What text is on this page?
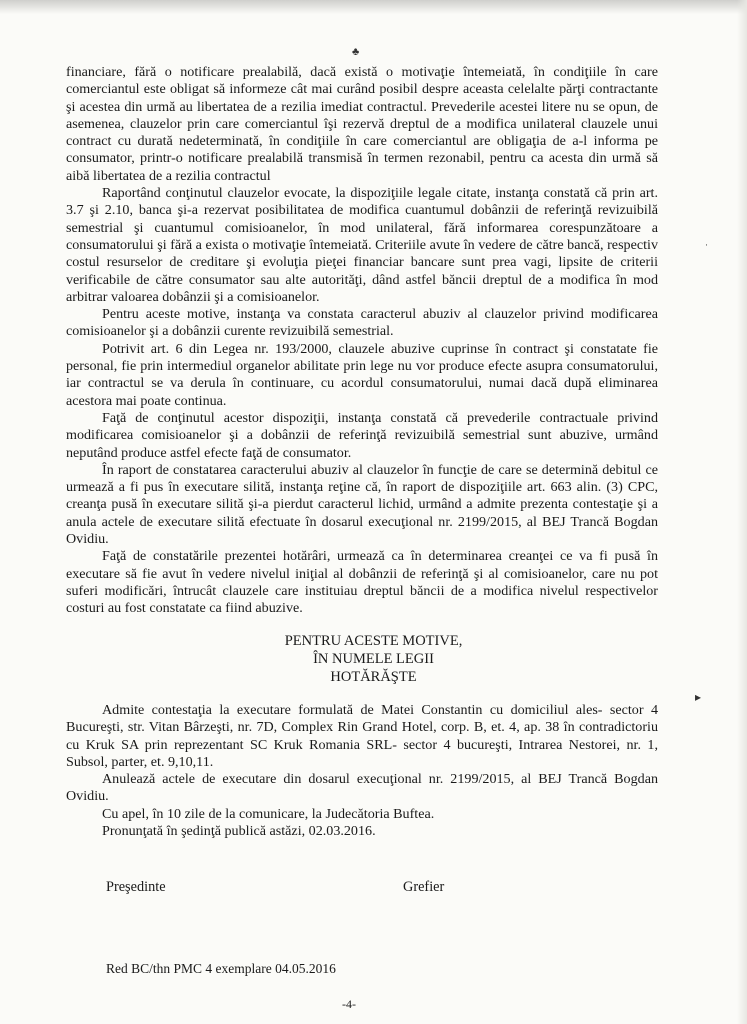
♣
▸
·

financiare, fără o notificare prealabilă, dacă există o motivaţie întemeiată, în condiţiile în care comerciantul este obligat să informeze cât mai curând posibil despre aceasta celelalte părţi contractante şi acestea din urmă au libertatea de a rezilia imediat contractul. Prevederile acestei litere nu se opun, de asemenea, clauzelor prin care comerciantul îşi rezervă dreptul de a modifica unilateral clauzele unui contract cu durată nedeterminată, în condiţiile în care comerciantul are obligaţia de a-l informa pe consumator, printr-o notificare prealabilă transmisă în termen rezonabil, pentru ca acesta din urmă să aibă libertatea de a rezilia contractul

Raportând conţinutul clauzelor evocate, la dispoziţiile legale citate, instanţa constată că prin art. 3.7 şi 2.10, banca şi-a rezervat posibilitatea de modifica cuantumul dobânzii de referinţă revizuibilă semestrial şi cuantumul comisioanelor, în mod unilateral, fără informarea corespunzătoare a consumatorului şi fără a exista o motivaţie întemeiată. Criteriile avute în vedere de către bancă, respectiv costul resurselor de creditare şi evoluţia pieţei financiar bancare sunt prea vagi, lipsite de criterii verificabile de către consumator sau alte autorităţi, dând astfel băncii dreptul de a modifica în mod arbitrar valoarea dobânzii şi a comisioanelor.

Pentru aceste motive, instanţa va constata caracterul abuziv al clauzelor privind modificarea comisioanelor şi a dobânzii curente revizuibilă semestrial.

Potrivit art. 6 din Legea nr. 193/2000, clauzele abuzive cuprinse în contract şi constatate fie personal, fie prin intermediul organelor abilitate prin lege nu vor produce efecte asupra consumatorului, iar contractul se va derula în continuare, cu acordul consumatorului, numai dacă după eliminarea acestora mai poate continua.

Faţă de conţinutul acestor dispoziţii, instanţa constată că prevederile contractuale privind modificarea comisioanelor şi a dobânzii de referinţă revizuibilă semestrial sunt abuzive, urmând neputând produce astfel efecte faţă de consumator.

În raport de constatarea caracterului abuziv al clauzelor în funcţie de care se determină debitul ce urmează a fi pus în executare silită, instanţa reţine că, în raport de dispoziţiile art. 663 alin. (3) CPC, creanţa pusă în executare silită şi-a pierdut caracterul lichid, urmând a admite prezenta contestaţie şi a anula actele de executare silită efectuate în dosarul execuţional nr. 2199/2015, al BEJ Trancă Bogdan Ovidiu.

Faţă de constatările prezentei hotărâri, urmează ca în determinarea creanţei ce va fi pusă în executare să fie avut în vedere nivelul iniţial al dobânzii de referinţă şi al comisioanelor, care nu pot suferi modificări, întrucât clauzele care instituiau dreptul băncii de a modifica nivelul respectivelor costuri au fost constatate ca fiind abuzive.

PENTRU ACESTE MOTIVE,
ÎN NUMELE LEGII
HOTĂRĂŞTE

Admite contestaţia la executare formulată de Matei Constantin cu domiciliul ales- sector 4 Bucureşti, str. Vitan Bârzeşti, nr. 7D, Complex Rin Grand Hotel, corp. B, et. 4, ap. 38 în contradictoriu cu Kruk SA prin reprezentant SC Kruk Romania SRL- sector 4 bucureşti, Intrarea Nestorei, nr. 1, Subsol, parter, et. 9,10,11.

Anulează actele de executare din dosarul execuţional nr. 2199/2015, al BEJ Trancă Bogdan Ovidiu.

Cu apel, în 10 zile de la comunicare, la Judecătoria Buftea.

Pronunţată în şedinţă publică astăzi, 02.03.2016.

Preşedinte	Grefier
Red BC/thn PMC 4 exemplare 04.05.2016
-4-
